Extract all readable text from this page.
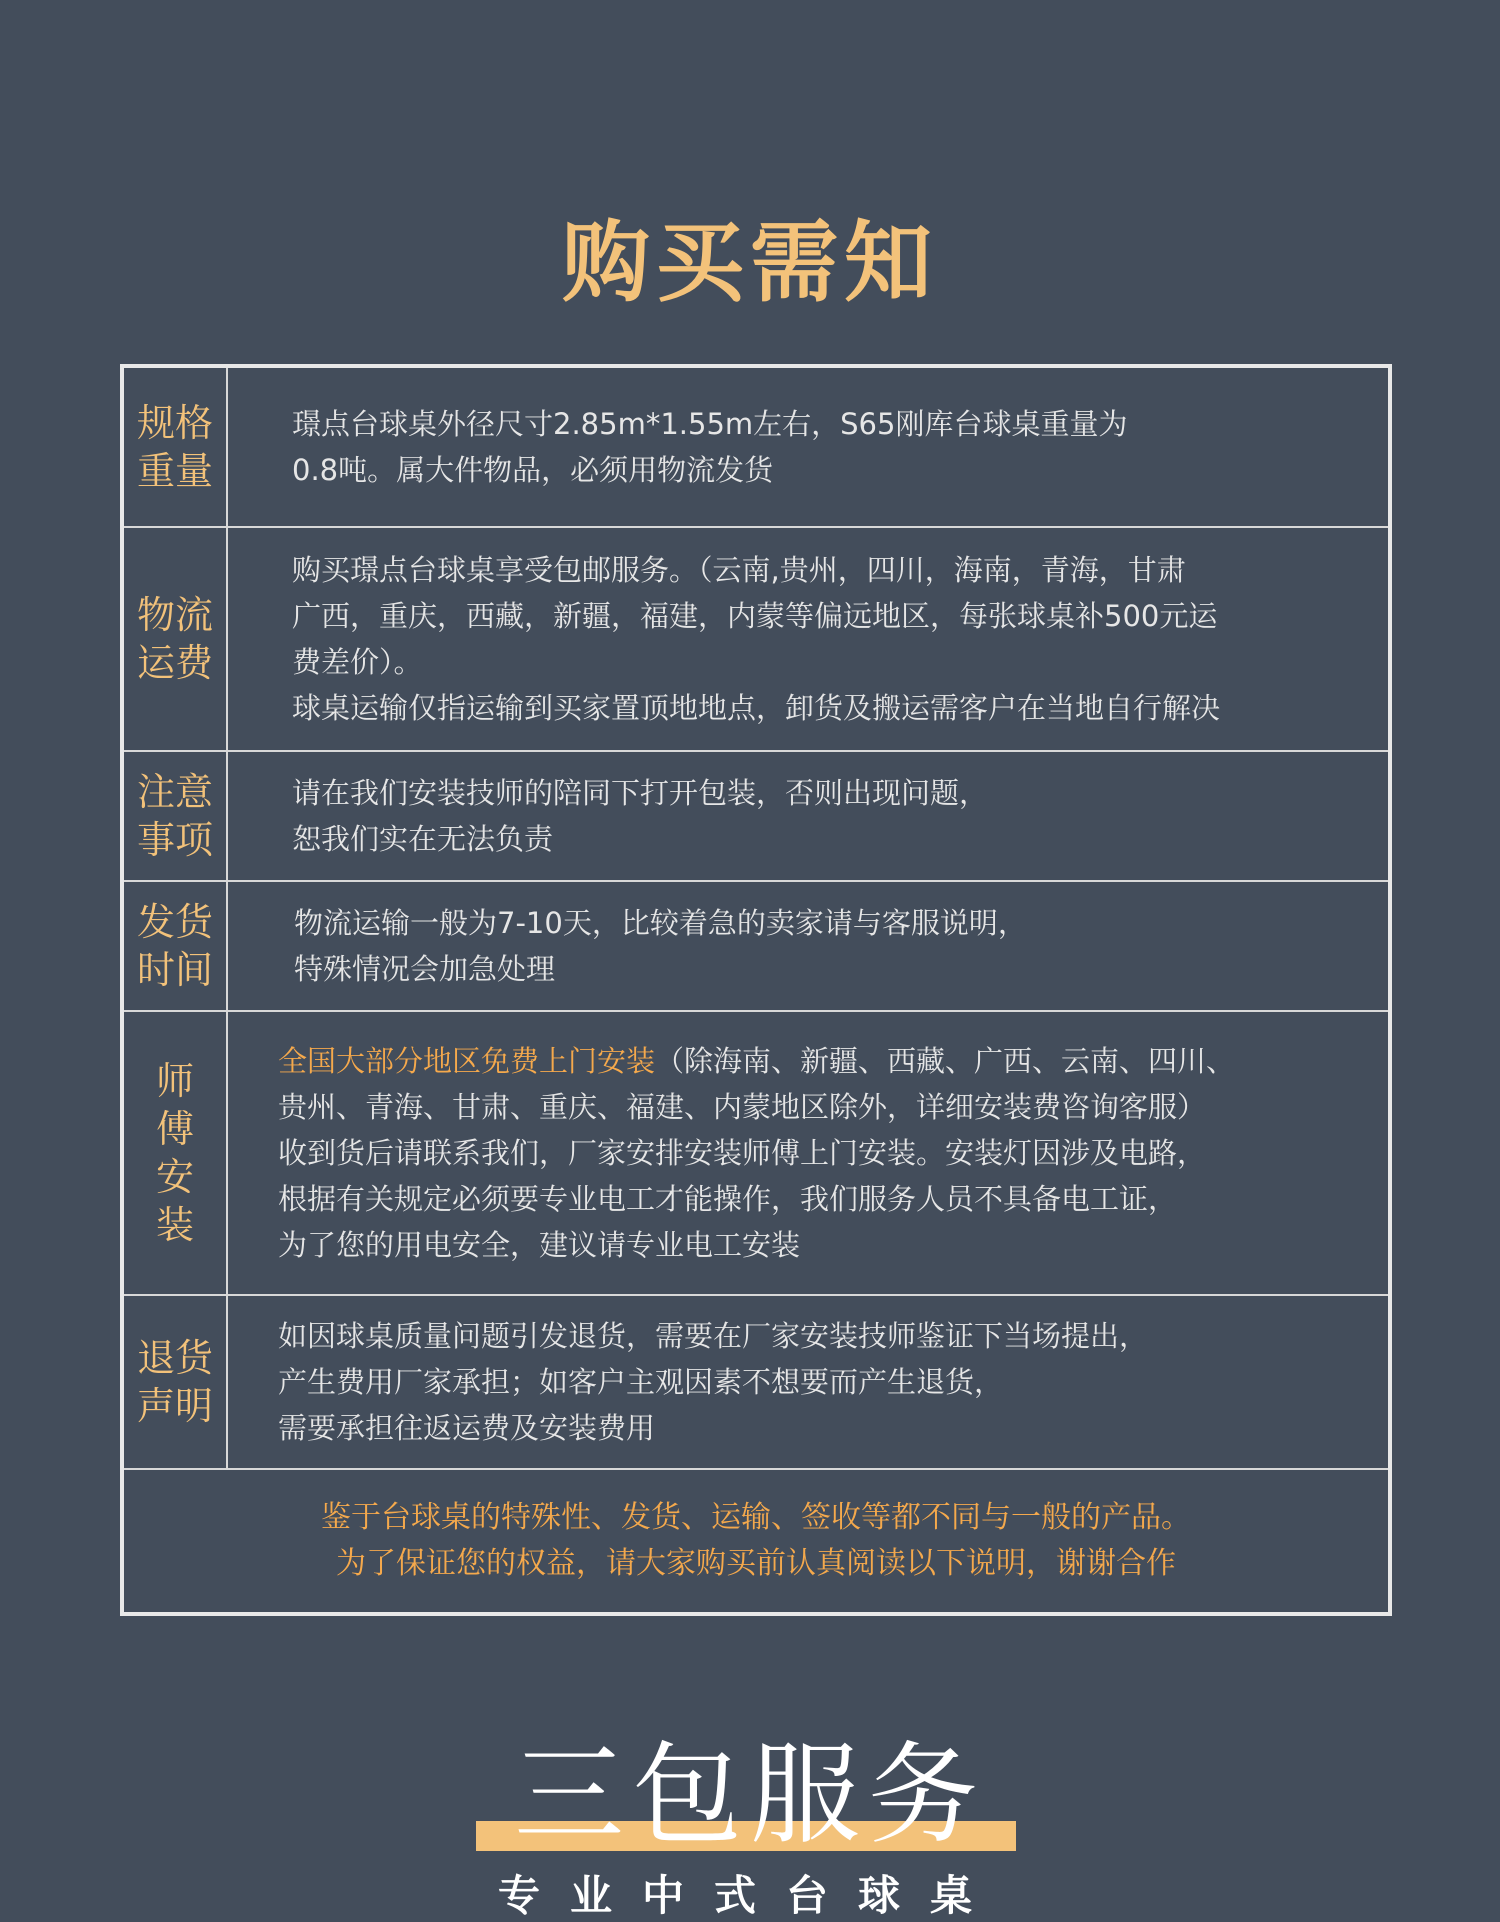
购买需知
规格重量
璟点台球桌外径尺寸2.85m*1.55m左右，S65刚库台球桌重量为
0.8吨。属大件物品，必须用物流发货
物流运费
购买璟点台球桌享受包邮服务。（云南,贵州，四川，海南，青海，甘肃
广西，重庆，西藏，新疆，福建，内蒙等偏远地区，每张球桌补500元运
费差价）。
球桌运输仅指运输到买家置顶地地点，卸货及搬运需客户在当地自行解决
注意事项
请在我们安装技师的陪同下打开包装，否则出现问题，
恕我们实在无法负责
发货时间
物流运输一般为7-10天，比较着急的卖家请与客服说明，
特殊情况会加急处理
师傅安装
全国大部分地区免费上门安装（除海南、新疆、西藏、广西、云南、四川、
贵州、青海、甘肃、重庆、福建、内蒙地区除外，详细安装费咨询客服）
收到货后请联系我们，厂家安排安装师傅上门安装。安装灯因涉及电路，
根据有关规定必须要专业电工才能操作，我们服务人员不具备电工证，
为了您的用电安全，建议请专业电工安装
退货声明
如因球桌质量问题引发退货，需要在厂家安装技师鉴证下当场提出，
产生费用厂家承担；如客户主观因素不想要而产生退货，
需要承担往返运费及安装费用
鉴于台球桌的特殊性、发货、运输、签收等都不同与一般的产品。
为了保证您的权益，请大家购买前认真阅读以下说明，谢谢合作
三包服务
专业中式台球桌
